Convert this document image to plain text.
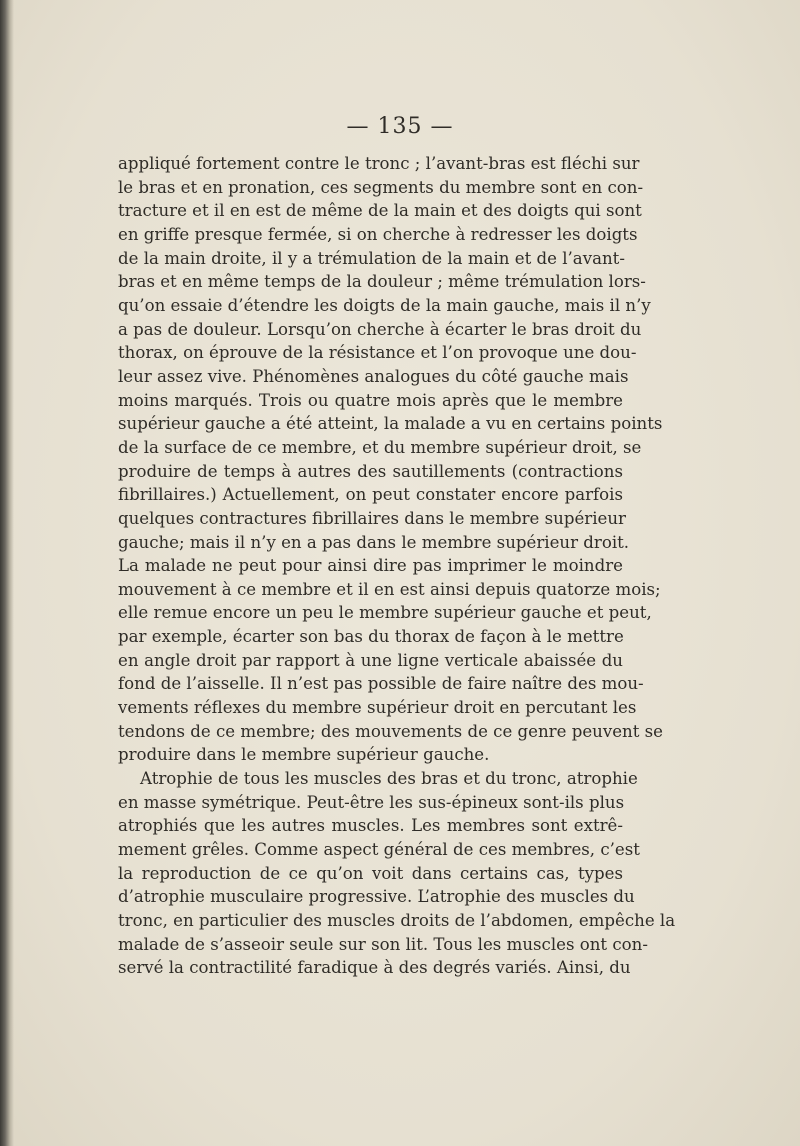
— 135 —
appliqué fortement contre le tronc ; l’avant-bras est fléchi sur
le bras et en pronation, ces segments du membre sont en con-
tracture et il en est de même de la main et des doigts qui sont
en griffe presque fermée, si on cherche à redresser les doigts
de la main droite, il y a trémulation de la main et de l’avant-
bras et en même temps de la douleur ; même trémulation lors-
qu’on essaie d’étendre les doigts de la main gauche, mais il n’y
a pas de douleur. Lorsqu’on cherche à écarter le bras droit du
thorax, on éprouve de la résistance et l’on provoque une dou-
leur assez vive. Phénomènes analogues du côté gauche mais
moins marqués. Trois ou quatre mois après que le membre
supérieur gauche a été atteint, la malade a vu en certains points
de la surface de ce membre, et du membre supérieur droit, se
produire de temps à autres des sautillements (contractions
fibrillaires.) Actuellement, on peut constater encore parfois
quelques contractures fibrillaires dans le membre supérieur
gauche; mais il n’y en a pas dans le membre supérieur droit.
La malade ne peut pour ainsi dire pas imprimer le moindre
mouvement à ce membre et il en est ainsi depuis quatorze mois;
elle remue encore un peu le membre supérieur gauche et peut,
par exemple, écarter son bas du thorax de façon à le mettre
en angle droit par rapport à une ligne verticale abaissée du
fond de l’aisselle. Il n’est pas possible de faire naître des mou-
vements réflexes du membre supérieur droit en percutant les
tendons de ce membre; des mouvements de ce genre peuvent se
produire dans le membre supérieur gauche.
Atrophie de tous les muscles des bras et du tronc, atrophie
en masse symétrique. Peut-être les sus-épineux sont-ils plus
atrophiés que les autres muscles. Les membres sont extrê-
mement grêles. Comme aspect général de ces membres, c’est
la reproduction de ce qu’on voit dans certains cas, types
d’atrophie musculaire progressive. L’atrophie des muscles du
tronc, en particulier des muscles droits de l’abdomen, empêche la
malade de s’asseoir seule sur son lit. Tous les muscles ont con-
servé la contractilité faradique à des degrés variés. Ainsi, du
